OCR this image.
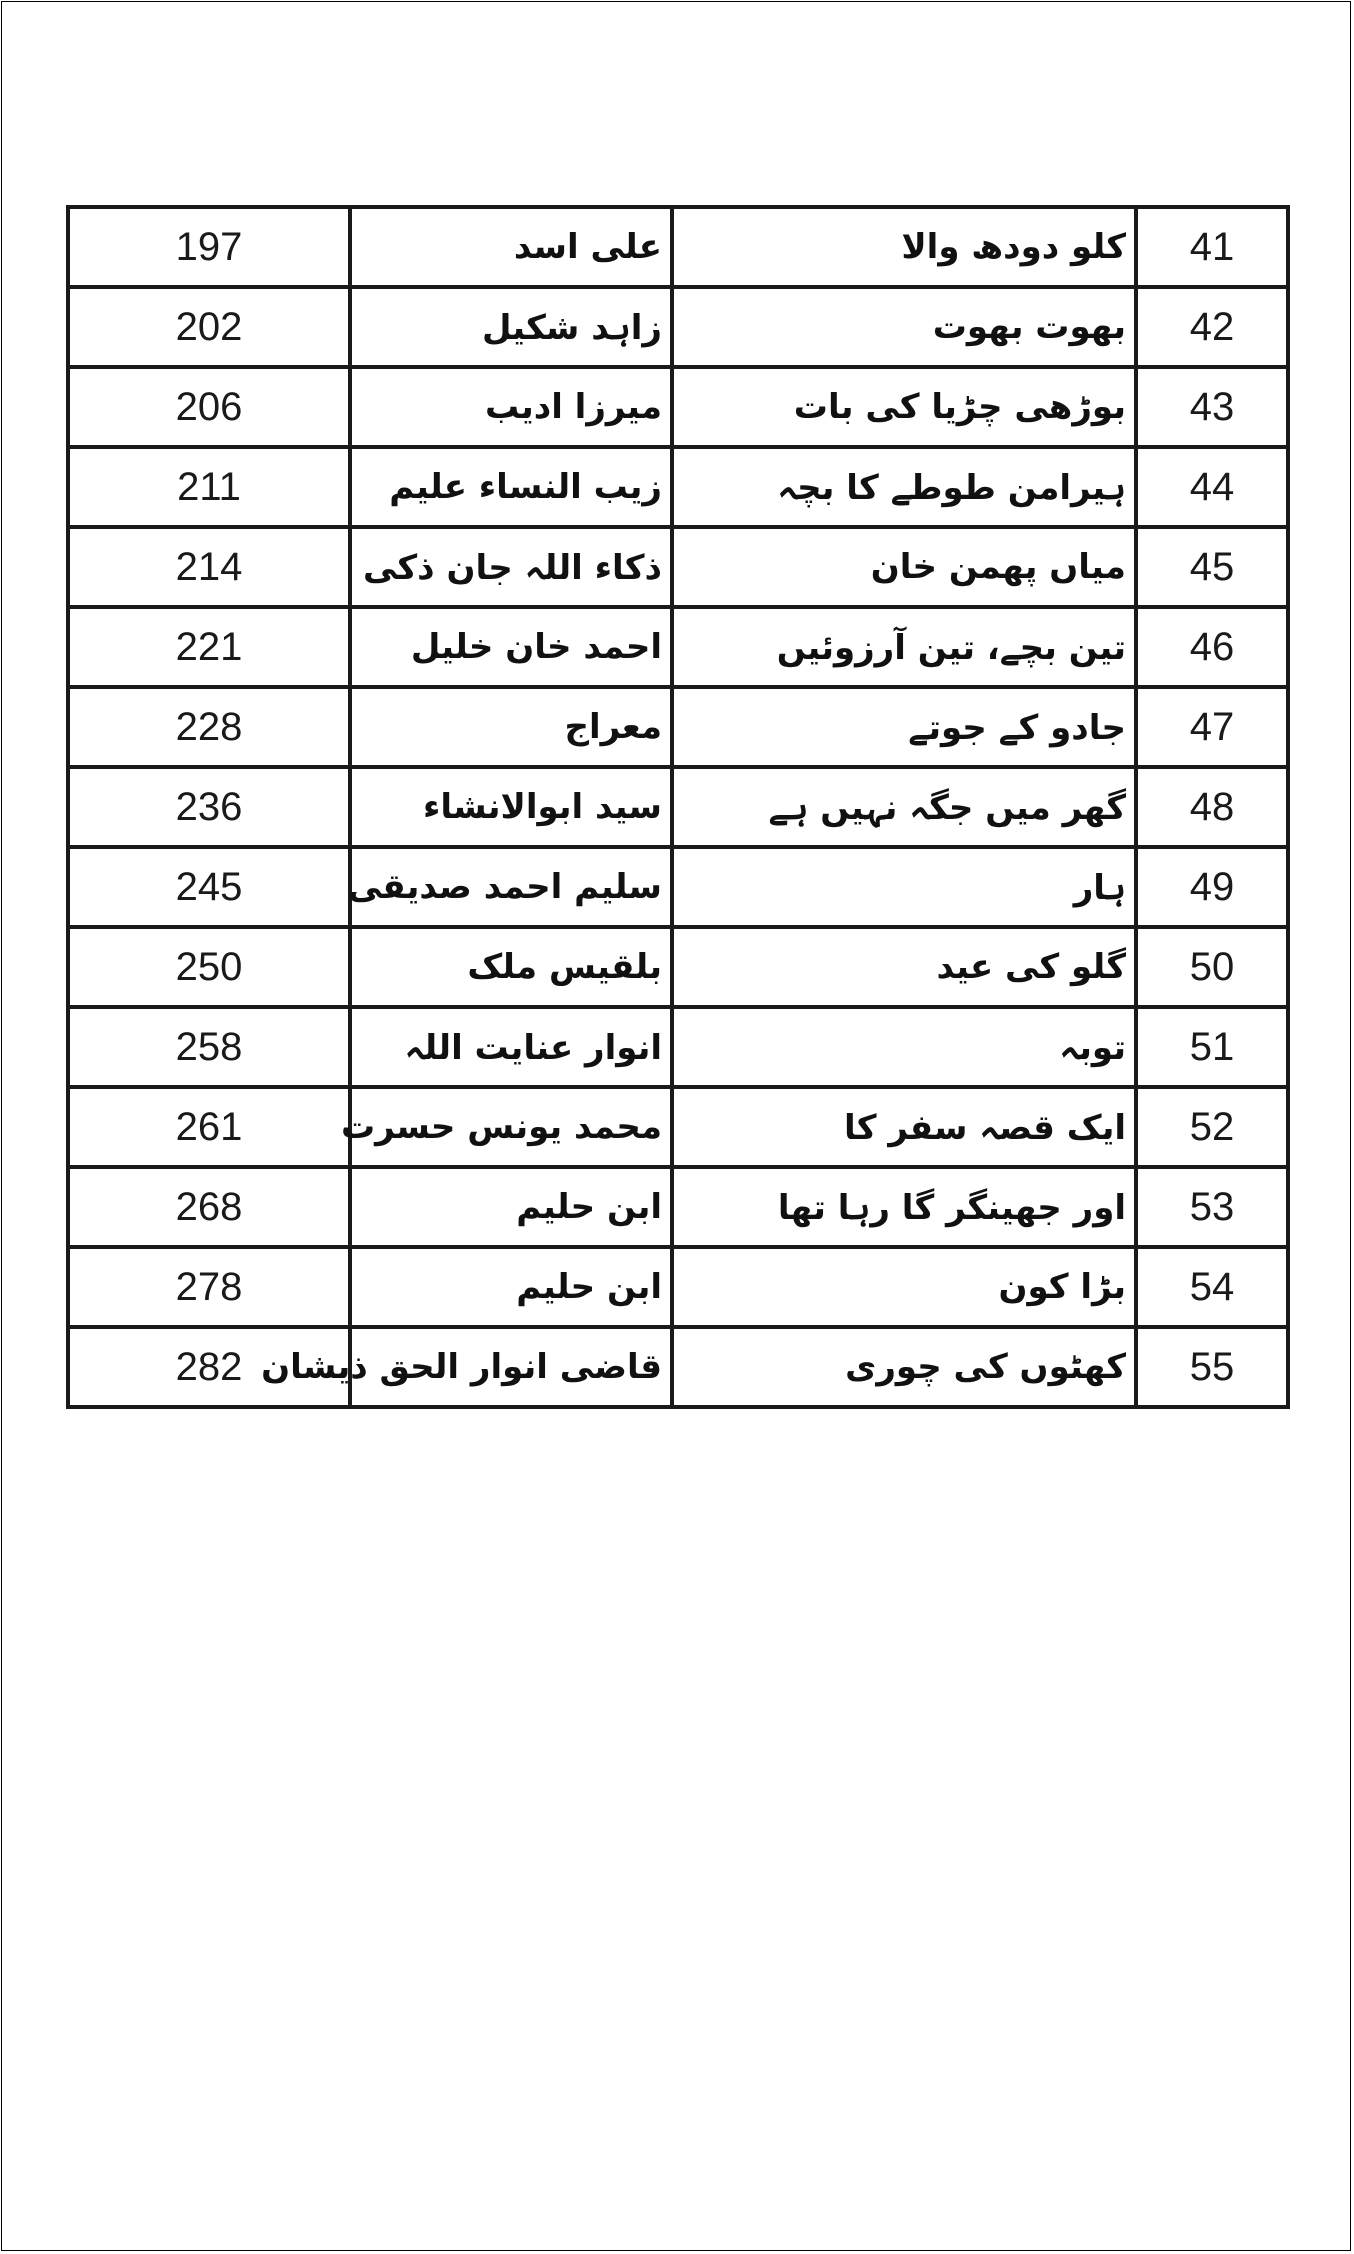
197	علی اسد	کلو دودھ والا	41
202	زاہد شکیل	بھوت بھوت	42
206	میرزا ادیب	بوڑھی چڑیا کی بات	43
211	زیب النساء علیم	ہیرامن طوطے کا بچہ	44
214	ذکاء اللہ جان ذکی	میاں پھمن خان	45
221	احمد خان خلیل	تین بچے، تین آرزوئیں	46
228	معراج	جادو کے جوتے	47
236	سید ابوالانشاء	گھر میں جگہ نہیں ہے	48
245	سلیم احمد صدیقی	ہار	49
250	بلقیس ملک	گلو کی عید	50
258	انوار عنایت اللہ	توبہ	51
261	محمد یونس حسرت	ایک قصہ سفر کا	52
268	ابن حلیم	اور جھینگر گا رہا تھا	53
278	ابن حلیم	بڑا کون	54
282	قاضی انوار الحق ذیشان	کھٹوں کی چوری	55
